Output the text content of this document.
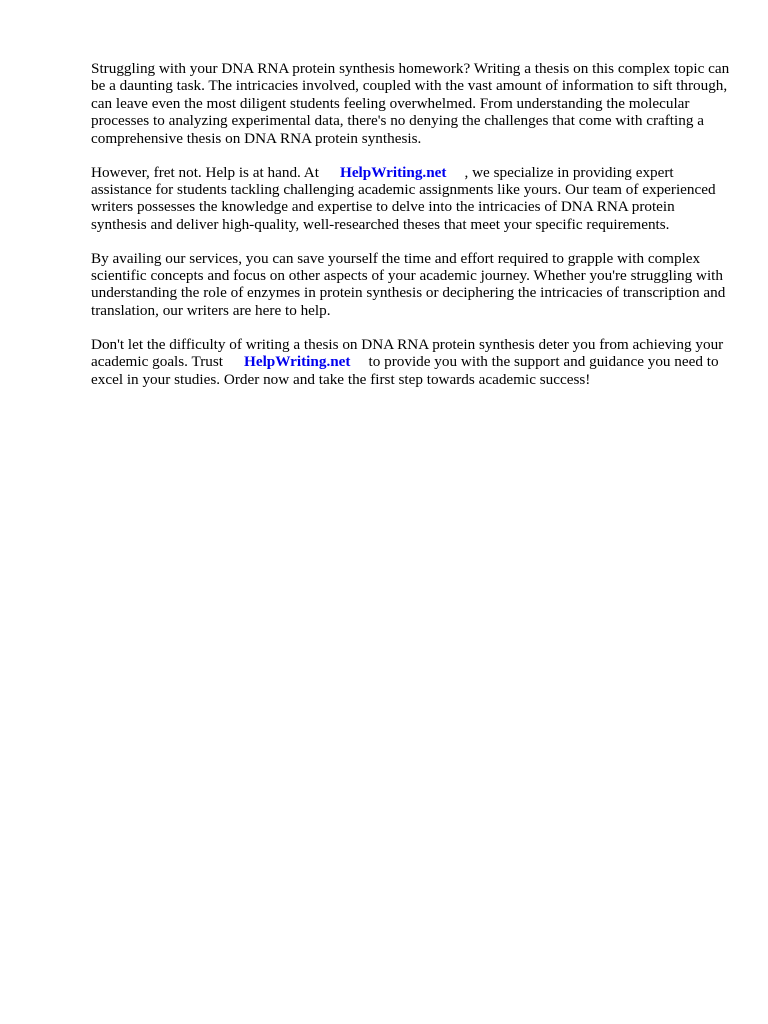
Struggling with your DNA RNA protein synthesis homework? Writing a thesis on this complex topic can be a daunting task. The intricacies involved, coupled with the vast amount of information to sift through, can leave even the most diligent students feeling overwhelmed. From understanding the molecular processes to analyzing experimental data, there's no denying the challenges that come with crafting a comprehensive thesis on DNA RNA protein synthesis.

However, fret not. Help is at hand. At HelpWriting.net , we specialize in providing expert assistance for students tackling challenging academic assignments like yours. Our team of experienced writers possesses the knowledge and expertise to delve into the intricacies of DNA RNA protein synthesis and deliver high-quality, well-researched theses that meet your specific requirements.

By availing our services, you can save yourself the time and effort required to grapple with complex scientific concepts and focus on other aspects of your academic journey. Whether you're struggling with understanding the role of enzymes in protein synthesis or deciphering the intricacies of transcription and translation, our writers are here to help.

Don't let the difficulty of writing a thesis on DNA RNA protein synthesis deter you from achieving your academic goals. Trust HelpWriting.net to provide you with the support and guidance you need to excel in your studies. Order now and take the first step towards academic success!
